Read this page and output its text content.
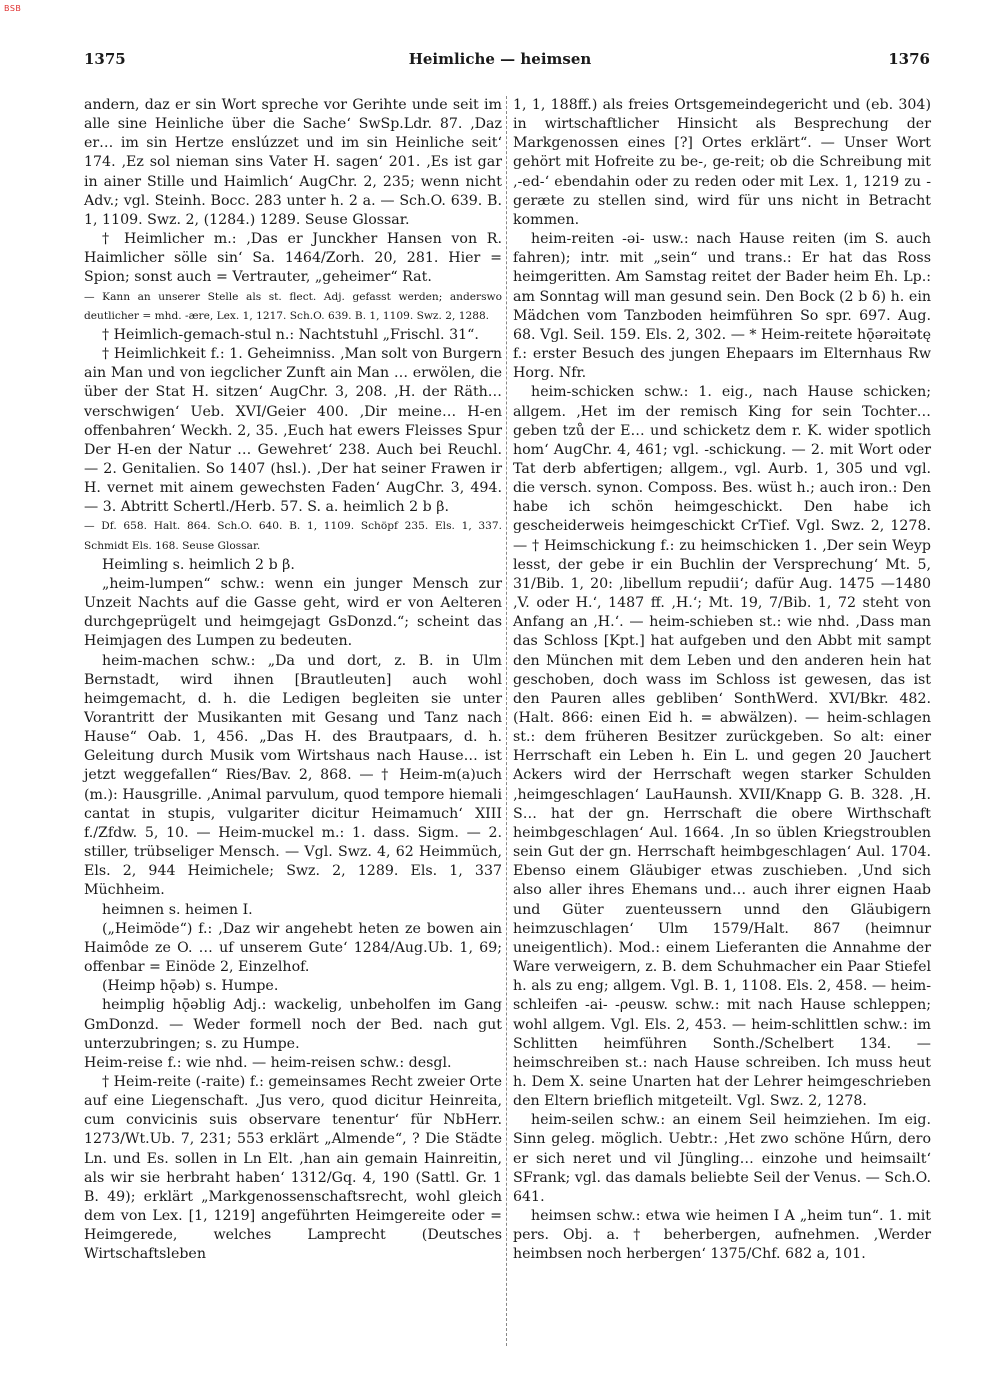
BSB
1375	Heimliche — heimsen	1376

andern, daz er sin Wort spreche vor Gerihte unde seit im alle sine Heinliche über die Sache‘ SwSp.Ldr. 87. ‚Daz er… im sin Hertze enslúzzet und im sin Heinliche seit‘ 174. ‚Ez sol nieman sins Vater H. sagen‘ 201. ‚Es ist gar in ainer Stille und Haimlich‘ AugChr. 2, 235; wenn nicht Adv.; vgl. Steinh. Bocc. 283 unter h. 2 a. — Sch.O. 639. B. 1, 1109. Swz. 2, (1284.) 1289. Seuse Glossar.

† Heimlicher m.: ‚Das er Junckher Hansen von R. Haimlicher sölle sin‘ Sa. 1464/Zorh. 20, 281. Hier = Spion; sonst auch = Vertrauter, „geheimer“ Rat.

— Kann an unserer Stelle als st. flect. Adj. gefasst werden; anderswo deutlicher = mhd. -ære, Lex. 1, 1217. Sch.O. 639. B. 1, 1109. Swz. 2, 1288.

† Heimlich-gemach-stul n.: Nachtstuhl „Frischl. 31“.

† Heimlichkeit f.: 1. Geheimniss. ‚Man solt von Burgern ain Man und von iegclicher Zunft ain Man … erwölen, die über der Stat H. sitzen‘ AugChr. 3, 208. ‚H. der Räth… verschwigen‘ Ueb. XVI/Geier 400. ‚Dir meine… H-en offenbahren‘ Weckh. 2, 35. ‚Euch hat ewers Fleisses Spur Der H-en der Natur … Gewehret‘ 238. Auch bei Reuchl. — 2. Genitalien. So 1407 (hsl.). ‚Der hat seiner Frawen ir H. vernet mit ainem gewechsten Faden‘ AugChr. 3, 494. — 3. Abtritt Schertl./Herb. 57. S. a. heimlich 2 b β.

— Df. 658. Halt. 864. Sch.O. 640. B. 1, 1109. Schöpf 235. Els. 1, 337. Schmidt Els. 168. Seuse Glossar.

Heimling s. heimlich 2 b β.

„heim-lumpen“ schw.: wenn ein junger Mensch zur Unzeit Nachts auf die Gasse geht, wird er von Aelteren durchgeprügelt und heimgejagt GsDonzd.“; scheint das Heimjagen des Lumpen zu bedeuten.

heim-machen schw.: „Da und dort, z. B. in Ulm Bernstadt, wird ihnen [Brautleuten] auch wohl heimgemacht, d. h. die Ledigen begleiten sie unter Vorantritt der Musikanten mit Gesang und Tanz nach Hause“ Oab. 1, 456. „Das H. des Brautpaars, d. h. Geleitung durch Musik vom Wirtshaus nach Hause… ist jetzt weggefallen“ Ries/Bav. 2, 868. — † Heim-m(a)uch (m.): Hausgrille. ‚Animal parvulum, quod tempore hiemali cantat in stupis, vulgariter dicitur Heimamuch‘ XIII f./Zfdw. 5, 10. — Heim-muckel m.: 1. dass. Sigm. — 2. stiller, trübseliger Mensch. — Vgl. Swz. 4, 62 Heimmüch, Els. 2, 944 Heimichele; Swz. 2, 1289. Els. 1, 337 Müchheim.

heimnen s. heimen I.

(„Heimöde“) f.: ‚Daz wir angehebt heten ze bowen ain Haimôde ze O. … uf unserem Gute‘ 1284/Aug.Ub. 1, 69; offenbar = Einöde 2, Einzelhof.

(Heimp hǭəb) s. Humpe.

heimplig hǭəblig Adj.: wackelig, unbeholfen im Gang GmDonzd. — Weder formell noch der Bed. nach gut unterzubringen; s. zu Humpe.

Heim-reise f.: wie nhd. — heim-reisen schw.: desgl.

† Heim-reite (-raite) f.: gemeinsames Recht zweier Orte auf eine Liegenschaft. ‚Jus vero, quod dicitur Heinreita, cum convicinis suis observare tenentur‘ für NbHerr. 1273/Wt.Ub. 7, 231; 553 erklärt „Almende“, ? Die Städte Ln. und Es. sollen in Ln Elt. ‚han ain gemain Hainreitin, als wir sie herbraht haben‘ 1312/Gq. 4, 190 (Sattl. Gr. 1 B. 49); erklärt „Markgenossenschaftsrecht, wohl gleich dem von Lex. [1, 1219] angeführten Heimgereite oder = Heimgerede, welches Lamprecht (Deutsches Wirtschaftsleben

1, 1, 188ff.) als freies Ortsgemeindegericht und (eb. 304) in wirtschaftlicher Hinsicht als Besprechung der Markgenossen eines [?] Ortes erklärt“. — Unser Wort gehört mit Hofreite zu be-, ge-reit; ob die Schreibung mit ‚-ed-‘ ebendahin oder zu reden oder mit Lex. 1, 1219 zu -geræte zu stellen sind, wird für uns nicht in Betracht kommen.

heim-reiten -əi- usw.: nach Hause reiten (im S. auch fahren); intr. mit „sein“ und trans.: Er hat das Ross heimgeritten. Am Samstag reitet der Bader heim Eh. Lp.: am Sonntag will man gesund sein. Den Bock (2 b δ) h. ein Mädchen vom Tanzboden heimführen So spr. 697. Aug. 68. Vgl. Seil. 159. Els. 2, 302. — * Heim-reitete hǭərəitətę f.: erster Besuch des jungen Ehepaars im Elternhaus Rw Horg. Nfr.

heim-schicken schw.: 1. eig., nach Hause schicken; allgem. ‚Het im der remisch King for sein Tochter… geben tzů der E… und schicketz dem r. K. wider spotlich hom‘ AugChr. 4, 461; vgl. -schickung. — 2. mit Wort oder Tat derb abfertigen; allgem., vgl. Aurb. 1, 305 und vgl. die versch. synon. Composs. Bes. wüst h.; auch iron.: Den habe ich schön heimgeschickt. Den habe ich gescheiderweis heimgeschickt CrTief. Vgl. Swz. 2, 1278. — † Heimschickung f.: zu heimschicken 1. ‚Der sein Weyp lesst, der gebe ir ein Buchlin der Versprechung‘ Mt. 5, 31/Bib. 1, 20: ‚libellum repudii‘; dafür Aug. 1475 —1480 ‚V. oder H.‘, 1487 ff. ‚H.‘; Mt. 19, 7/Bib. 1, 72 steht von Anfang an ‚H.‘. — heim-schieben st.: wie nhd. ‚Dass man das Schloss [Kpt.] hat aufgeben und den Abbt mit sampt den München mit dem Leben und den anderen hein hat geschoben, doch wass im Schloss ist gewesen, das ist den Pauren alles gebliben‘ SonthWerd. XVI/Bkr. 482. (Halt. 866: einen Eid h. = abwälzen). — heim-schlagen st.: dem früheren Besitzer zurückgeben. So alt: einer Herrschaft ein Leben h. Ein L. und gegen 20 Jauchert Ackers wird der Herrschaft wegen starker Schulden ‚heimgeschlagen‘ LauHaunsh. XVII/Knapp G. B. 328. ‚H. S… hat der gn. Herrschaft die obere Wirthschaft heimbgeschlagen‘ Aul. 1664. ‚In so üblen Kriegstroublen sein Gut der gn. Herrschaft heimbgeschlagen‘ Aul. 1704. Ebenso einem Gläubiger etwas zuschieben. ‚Und sich also aller ihres Ehemans und… auch ihrer eignen Haab und Güter zuenteussern unnd den Gläubigern heimzuschlagen‘ Ulm 1579/Halt. 867 (heimnur uneigentlich). Mod.: einem Lieferanten die Annahme der Ware verweigern, z. B. dem Schuhmacher ein Paar Stiefel h. als zu eng; allgem. Vgl. B. 1, 1108. Els. 2, 458. — heim-schleifen -ai- -ρeusw. schw.: mit nach Hause schleppen; wohl allgem. Vgl. Els. 2, 453. — heim-schlittlen schw.: im Schlitten heimführen Sonth./Schelbert 134. — heimschreiben st.: nach Hause schreiben. Ich muss heut h. Dem X. seine Unarten hat der Lehrer heimgeschrieben den Eltern brieflich mitgeteilt. Vgl. Swz. 2, 1278.

heim-seilen schw.: an einem Seil heimziehen. Im eig. Sinn geleg. möglich. Uebtr.: ‚Het zwo schöne Hűrn, dero er sich neret und vil Jüngling… einzohe und heimsailt‘ SFrank; vgl. das damals beliebte Seil der Venus. — Sch.O. 641.

heimsen schw.: etwa wie heimen I A „heim tun“. 1. mit pers. Obj. a. † beherbergen, aufnehmen. ‚Werder heimbsen noch herbergen‘ 1375/Chf. 682 a, 101.
